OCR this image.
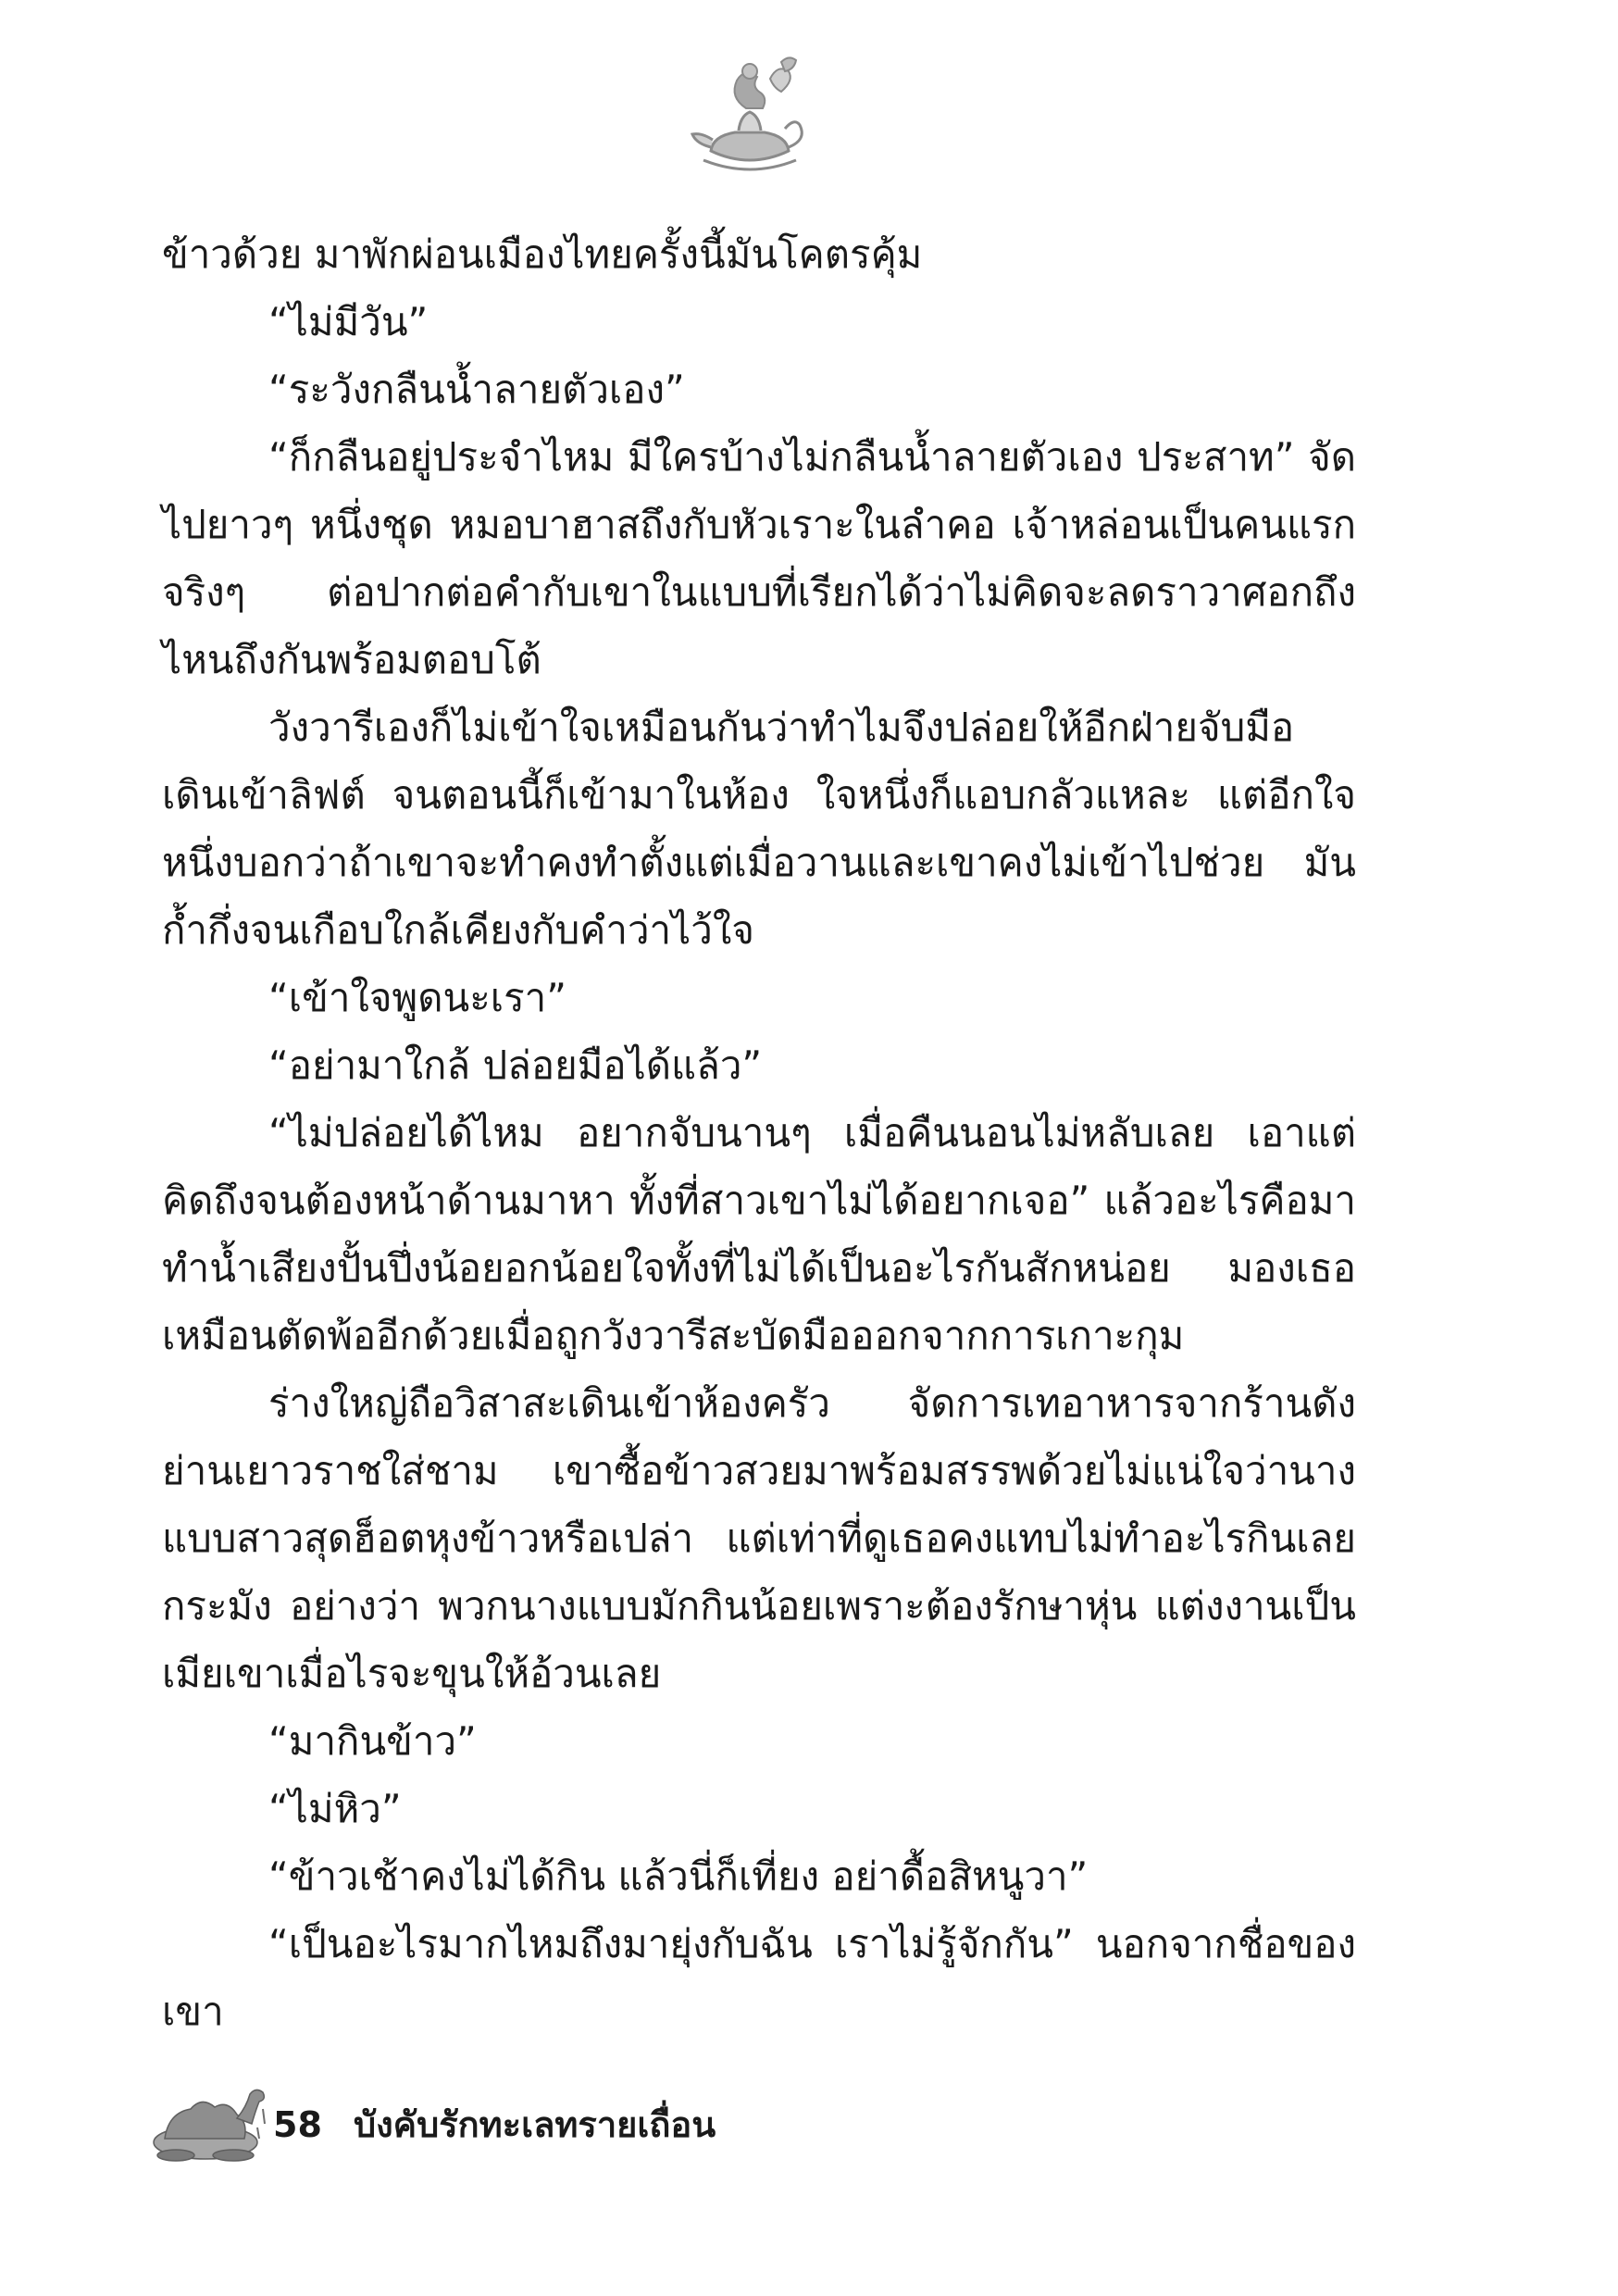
ข้าวด้วย มาพักผ่อนเมืองไทยครั้งนี้มันโคตรคุ้ม

“ไม่มีวัน”

“ระวังกลืนน้ำลายตัวเอง”

“ก็กลืนอยู่ประจำไหม มีใครบ้างไม่กลืนน้ำลายตัวเอง ประสาท” จัดไปยาวๆ หนึ่งชุด หมอบาฮาสถึงกับหัวเราะในลำคอ เจ้าหล่อนเป็นคนแรกจริงๆ ต่อปากต่อคำกับเขาในแบบที่เรียกได้ว่าไม่คิดจะลดราวาศอกถึงไหนถึงกันพร้อมตอบโต้

วังวารีเองก็ไม่เข้าใจเหมือนกันว่าทำไมจึงปล่อยให้อีกฝ่ายจับมือเดินเข้าลิฟต์ จนตอนนี้ก็เข้ามาในห้อง ใจหนึ่งก็แอบกลัวแหละ แต่อีกใจหนึ่งบอกว่าถ้าเขาจะทำคงทำตั้งแต่เมื่อวานและเขาคงไม่เข้าไปช่วย มันก้ำกึ่งจนเกือบใกล้เคียงกับคำว่าไว้ใจ

“เข้าใจพูดนะเรา”

“อย่ามาใกล้ ปล่อยมือได้แล้ว”

“ไม่ปล่อยได้ไหม อยากจับนานๆ เมื่อคืนนอนไม่หลับเลย เอาแต่คิดถึงจนต้องหน้าด้านมาหา ทั้งที่สาวเขาไม่ได้อยากเจอ” แล้วอะไรคือมาทำน้ำเสียงปั้นปึ่งน้อยอกน้อยใจทั้งที่ไม่ได้เป็นอะไรกันสักหน่อย มองเธอเหมือนตัดพ้ออีกด้วยเมื่อถูกวังวารีสะบัดมือออกจากการเกาะกุม

ร่างใหญ่ถือวิสาสะเดินเข้าห้องครัว จัดการเทอาหารจากร้านดังย่านเยาวราชใส่ชาม เขาซื้อข้าวสวยมาพร้อมสรรพด้วยไม่แน่ใจว่านางแบบสาวสุดฮ็อตหุงข้าวหรือเปล่า แต่เท่าที่ดูเธอคงแทบไม่ทำอะไรกินเลยกระมัง อย่างว่า พวกนางแบบมักกินน้อยเพราะต้องรักษาหุ่น แต่งงานเป็นเมียเขาเมื่อไรจะขุนให้อ้วนเลย

“มากินข้าว”

“ไม่หิว”

“ข้าวเช้าคงไม่ได้กิน แล้วนี่ก็เที่ยง อย่าดื้อสิหนูวา”

“เป็นอะไรมากไหมถึงมายุ่งกับฉัน เราไม่รู้จักกัน” นอกจากชื่อของเขา

58 บังคับรักทะเลทรายเถื่อน
